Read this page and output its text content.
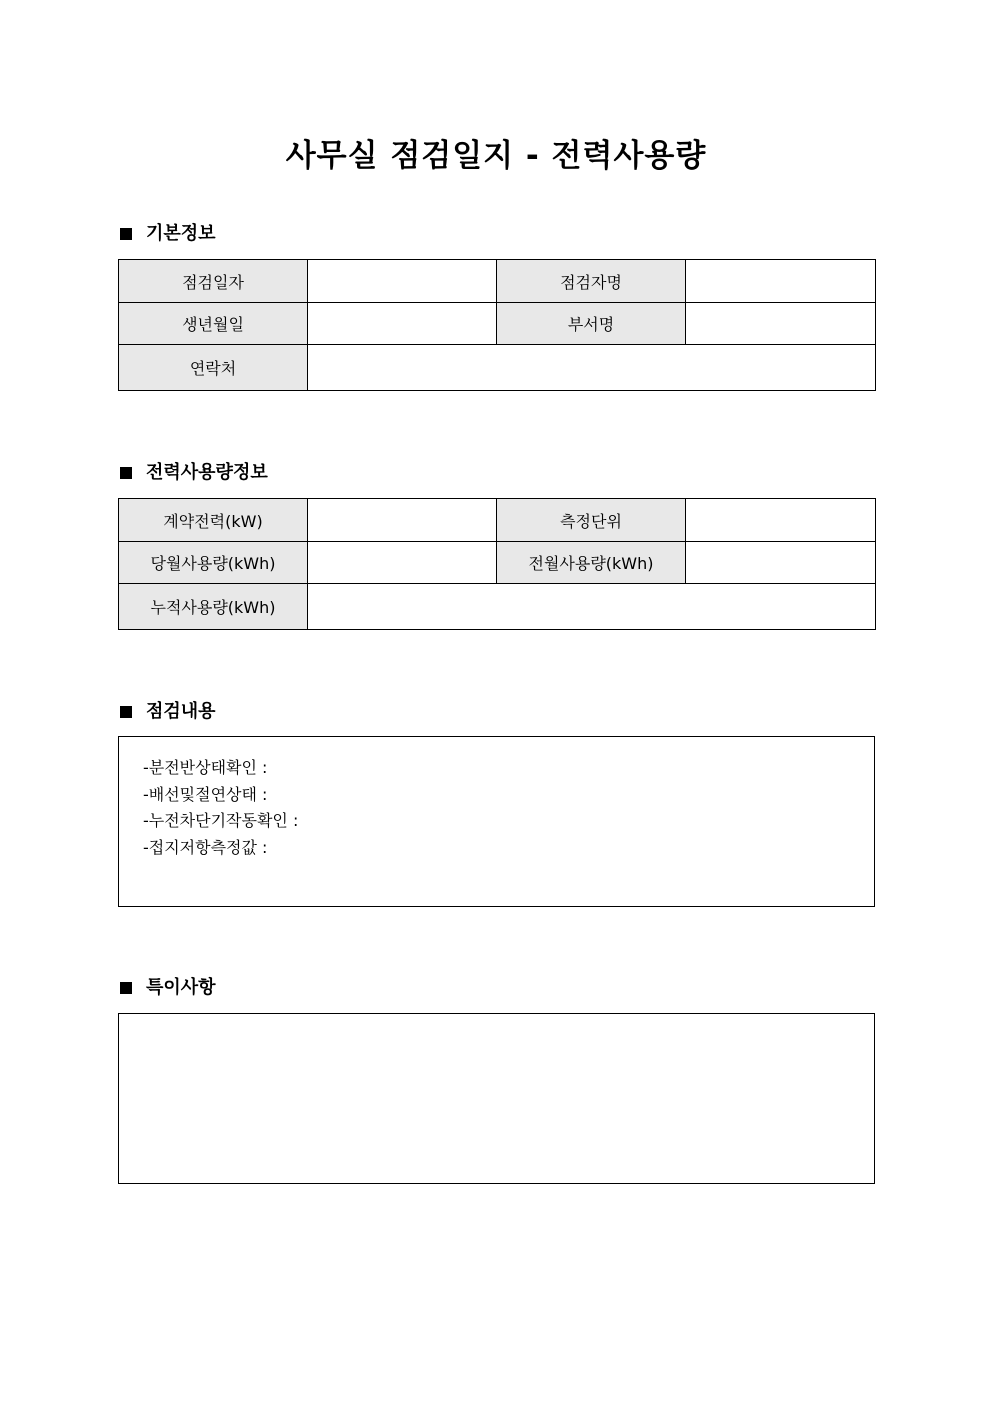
사무실 점검일지 - 전력사용량
기본정보
점검일자		점검자명	
생년월일		부서명	
연락처			
전력사용량정보
계약전력(kW)		측정단위	
당월사용량(kWh)		전월사용량(kWh)	
누적사용량(kWh)			
점검내용
-분전반상태확인 :
-배선및절연상태 :
-누전차단기작동확인 :
-접지저항측정값 :
특이사항
